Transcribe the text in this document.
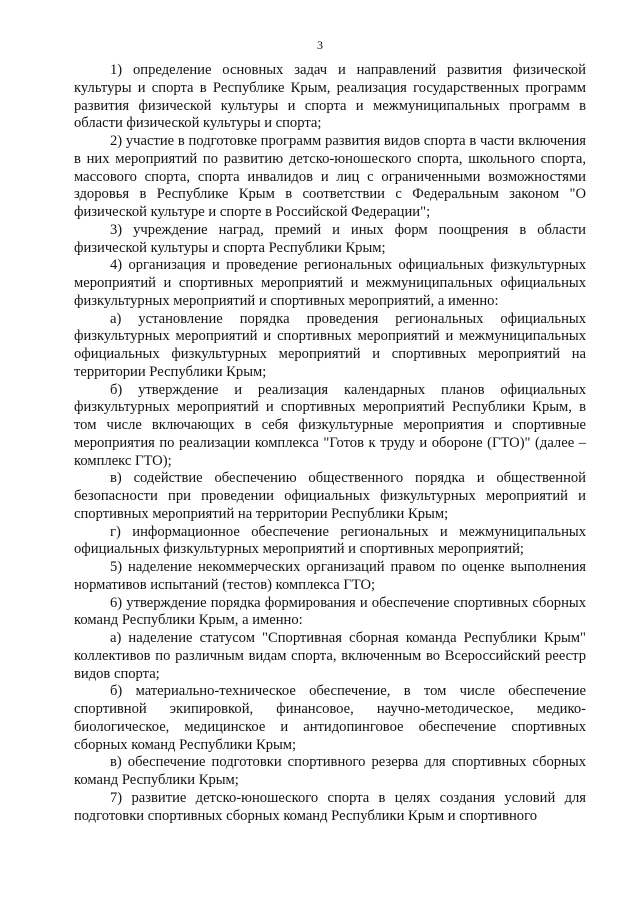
3

1) определение основных задач и направлений развития физической культуры и спорта в Республике Крым, реализация государственных программ развития физической культуры и спорта и межмуниципальных программ в области физической культуры и спорта;

2) участие в подготовке программ развития видов спорта в части включения в них мероприятий по развитию детско-юношеского спорта, школьного спорта, массового спорта, спорта инвалидов и лиц с ограниченными возможностями здоровья в Республике Крым в соответствии с Федеральным законом "О физической культуре и спорте в Российской Федерации";

3) учреждение наград, премий и иных форм поощрения в области физической культуры и спорта Республики Крым;

4) организация и проведение региональных официальных физкультурных мероприятий и спортивных мероприятий и межмуниципальных официальных физкультурных мероприятий и спортивных мероприятий, а именно:

а) установление порядка проведения региональных официальных физкультурных мероприятий и спортивных мероприятий и межмуниципальных официальных физкультурных мероприятий и спортивных мероприятий на территории Республики Крым;

б) утверждение и реализация календарных планов официальных физкультурных мероприятий и спортивных мероприятий Республики Крым, в том числе включающих в себя физкультурные мероприятия и спортивные мероприятия по реализации комплекса "Готов к труду и обороне (ГТО)" (далее – комплекс ГТО);

в) содействие обеспечению общественного порядка и общественной безопасности при проведении официальных физкультурных мероприятий и спортивных мероприятий на территории Республики Крым;

г) информационное обеспечение региональных и межмуниципальных официальных физкультурных мероприятий и спортивных мероприятий;

5) наделение некоммерческих организаций правом по оценке выполнения нормативов испытаний (тестов) комплекса ГТО;

6) утверждение порядка формирования и обеспечение спортивных сборных команд Республики Крым, а именно:

а) наделение статусом "Спортивная сборная команда Республики Крым" коллективов по различным видам спорта, включенным во Всероссийский реестр видов спорта;

б) материально-техническое обеспечение, в том числе обеспечение спортивной экипировкой, финансовое, научно-методическое, медико-биологическое, медицинское и антидопинговое обеспечение спортивных сборных команд Республики Крым;

в) обеспечение подготовки спортивного резерва для спортивных сборных команд Республики Крым;

7) развитие детско-юношеского спорта в целях создания условий для подготовки спортивных сборных команд Республики Крым и спортивного
